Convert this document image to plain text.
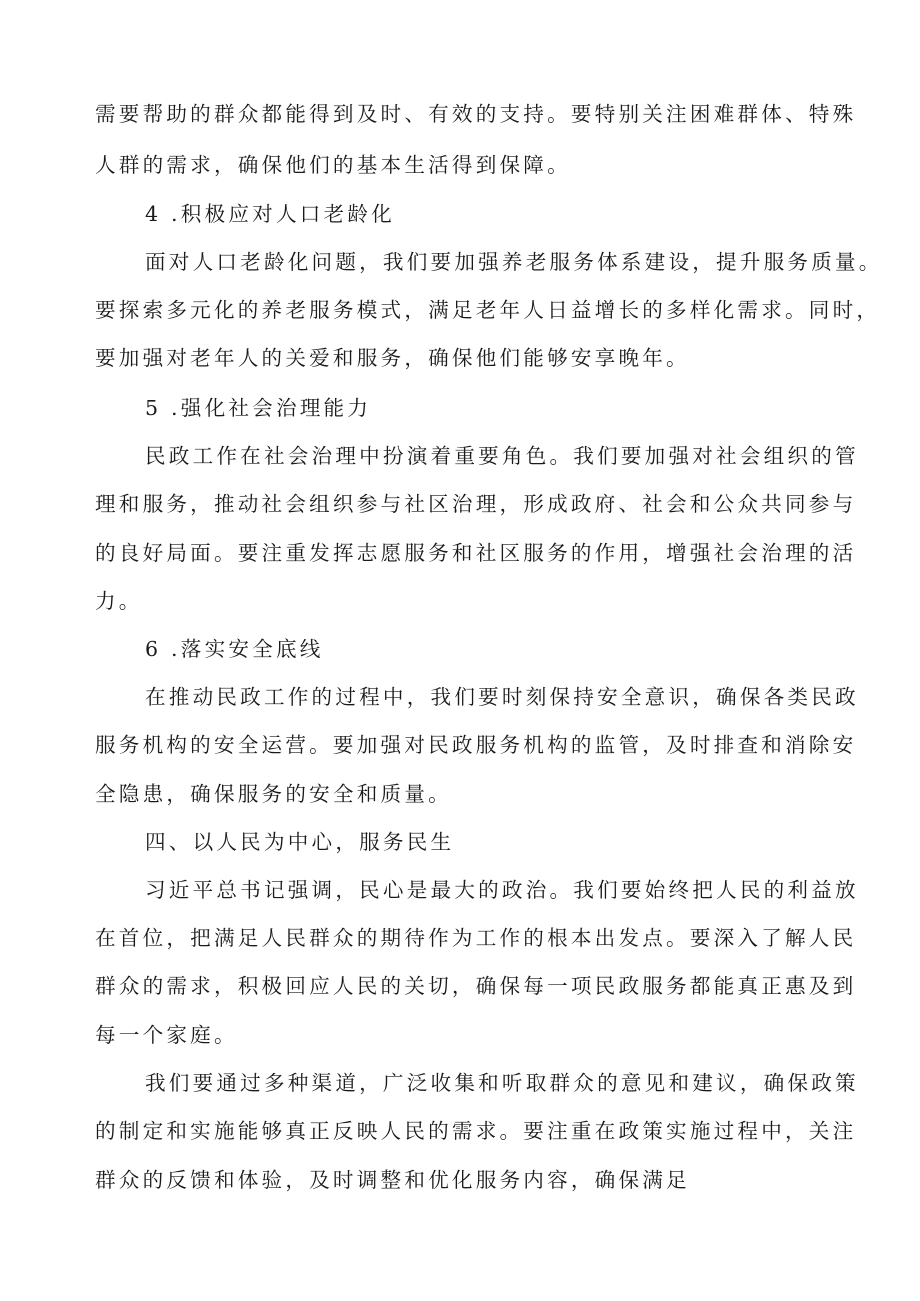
需要帮助的群众都能得到及时、有效的支持。要特别关注困难群体、特殊
人群的需求，确保他们的基本生活得到保障。
4 .积极应对人口老龄化
面对人口老龄化问题，我们要加强养老服务体系建设，提升服务质量。
要探索多元化的养老服务模式，满足老年人日益增长的多样化需求。同时，
要加强对老年人的关爱和服务，确保他们能够安享晚年。
5 .强化社会治理能力
民政工作在社会治理中扮演着重要角色。我们要加强对社会组织的管
理和服务，推动社会组织参与社区治理，形成政府、社会和公众共同参与
的良好局面。要注重发挥志愿服务和社区服务的作用，增强社会治理的活
力。
6 .落实安全底线
在推动民政工作的过程中，我们要时刻保持安全意识，确保各类民政
服务机构的安全运营。要加强对民政服务机构的监管，及时排查和消除安
全隐患，确保服务的安全和质量。
四、以人民为中心，服务民生
习近平总书记强调，民心是最大的政治。我们要始终把人民的利益放
在首位，把满足人民群众的期待作为工作的根本出发点。要深入了解人民
群众的需求，积极回应人民的关切，确保每一项民政服务都能真正惠及到
每一个家庭。
我们要通过多种渠道，广泛收集和听取群众的意见和建议，确保政策
的制定和实施能够真正反映人民的需求。要注重在政策实施过程中，关注
群众的反馈和体验，及时调整和优化服务内容，确保满足
